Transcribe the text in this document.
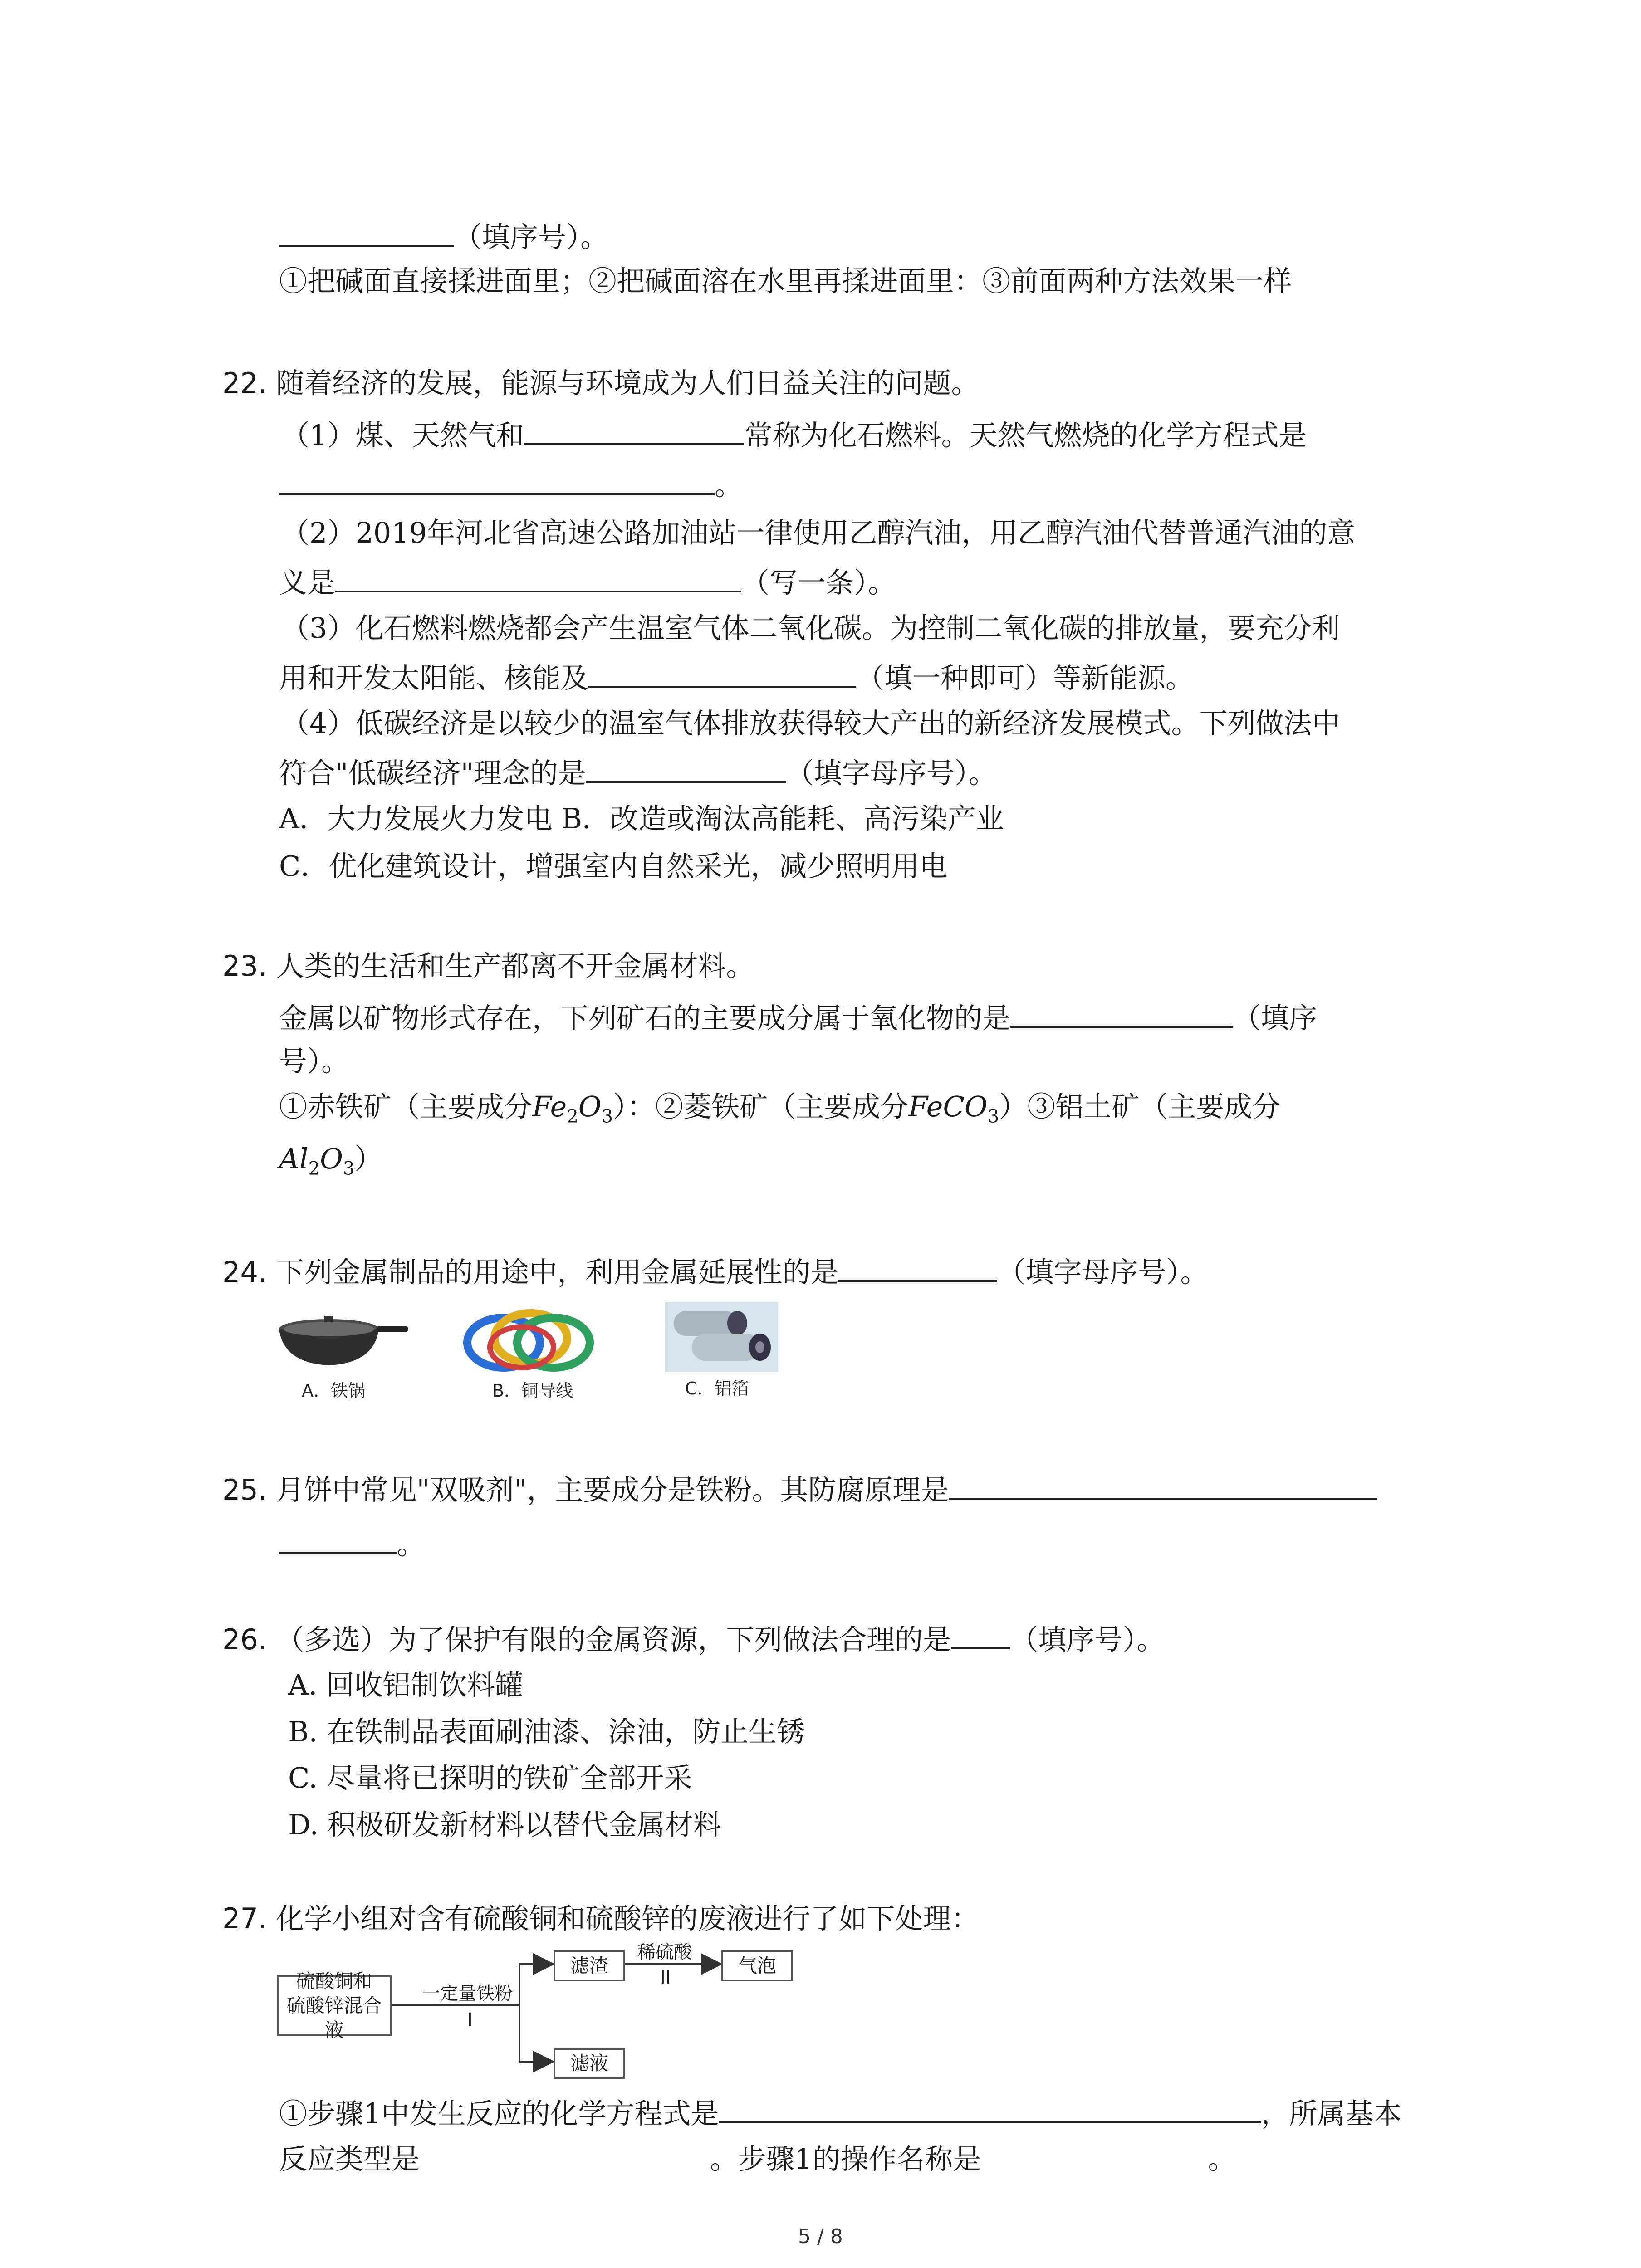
（填序号）。
①把碱面直接揉进面里；②把碱面溶在水里再揉进面里：③前面两种方法效果一样
22. 随着经济的发展，能源与环境成为人们日益关注的问题。
（1）煤、天然气和	常称为化石燃料。天然气燃烧的化学方程式是
。
（2）2019年河北省高速公路加油站一律使用乙醇汽油，用乙醇汽油代替普通汽油的意
义是	（写一条）。
（3）化石燃料燃烧都会产生温室气体二氧化碳。为控制二氧化碳的排放量，要充分利
用和开发太阳能、核能及	（填一种即可）等新能源。
（4）低碳经济是以较少的温室气体排放获得较大产出的新经济发展模式。下列做法中
符合"低碳经济"理念的是	（填字母序号）。
A．大力发展火力发电 B．改造或淘汰高能耗、高污染产业
C．优化建筑设计，增强室内自然采光，减少照明用电
23. 人类的生活和生产都离不开金属材料。
金属以矿物形式存在，下列矿石的主要成分属于氧化物的是	（填序
号）。
①赤铁矿（主要成分$Fe_2O_3$）：②菱铁矿（主要成分FeCO$_3$）③铝土矿（主要成分
$Al_2O_3$）
24. 下列金属制品的用途中，利用金属延展性的是	（填字母序号）。
A．铁锅	B．铜导线	C．铝箔
25. 月饼中常见"双吸剂"，主要成分是铁粉。其防腐原理是
。
26. （多选）为了保护有限的金属资源，下列做法合理的是 （填序号）。
A. 回收铝制饮料罐
B. 在铁制品表面刷油漆、涂油，防止生锈
C. 尽量将已探明的铁矿全部开采
D. 积极研发新材料以替代金属材料
27. 化学小组对含有硫酸铜和硫酸锌的废液进行了如下处理：
硫酸铜和
硫酸锌混合液
一定量铁粉
I
滤渣
稀硫酸
II
气泡
滤液
①步骤1中发生反应的化学方程式是	，所属基本
反应类型是	。步骤1的操作名称是	。
5 / 8
